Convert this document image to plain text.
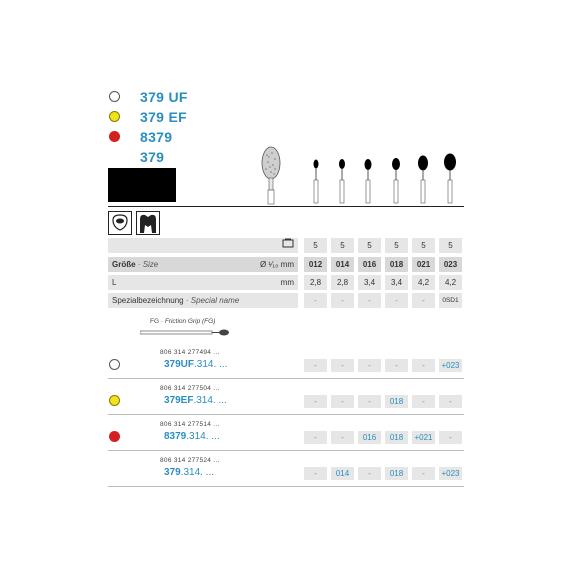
379 UF
379 EF
8379
379
5	5	5	5	5	5
Größe · Size	Ø ¹⁄₁₀ mm	012	014	016	018	021	023
L	mm	2,8	2,8	3,4	3,4	4,2	4,2
Spezialbezeichnung · Special name	-	-	-	-	-	0SD1
FG · Friction Grip (FG)
806 314 277494 ...
379UF.314. ...	-	-	-	-	-	+023
806 314 277504 ...
379EF.314. ...	-	-	-	018	-	-
806 314 277514 ...
8379.314. ...	-	-	016	018	+021	-
806 314 277524 ...
379.314. ...	-	014	-	018	-	+023
